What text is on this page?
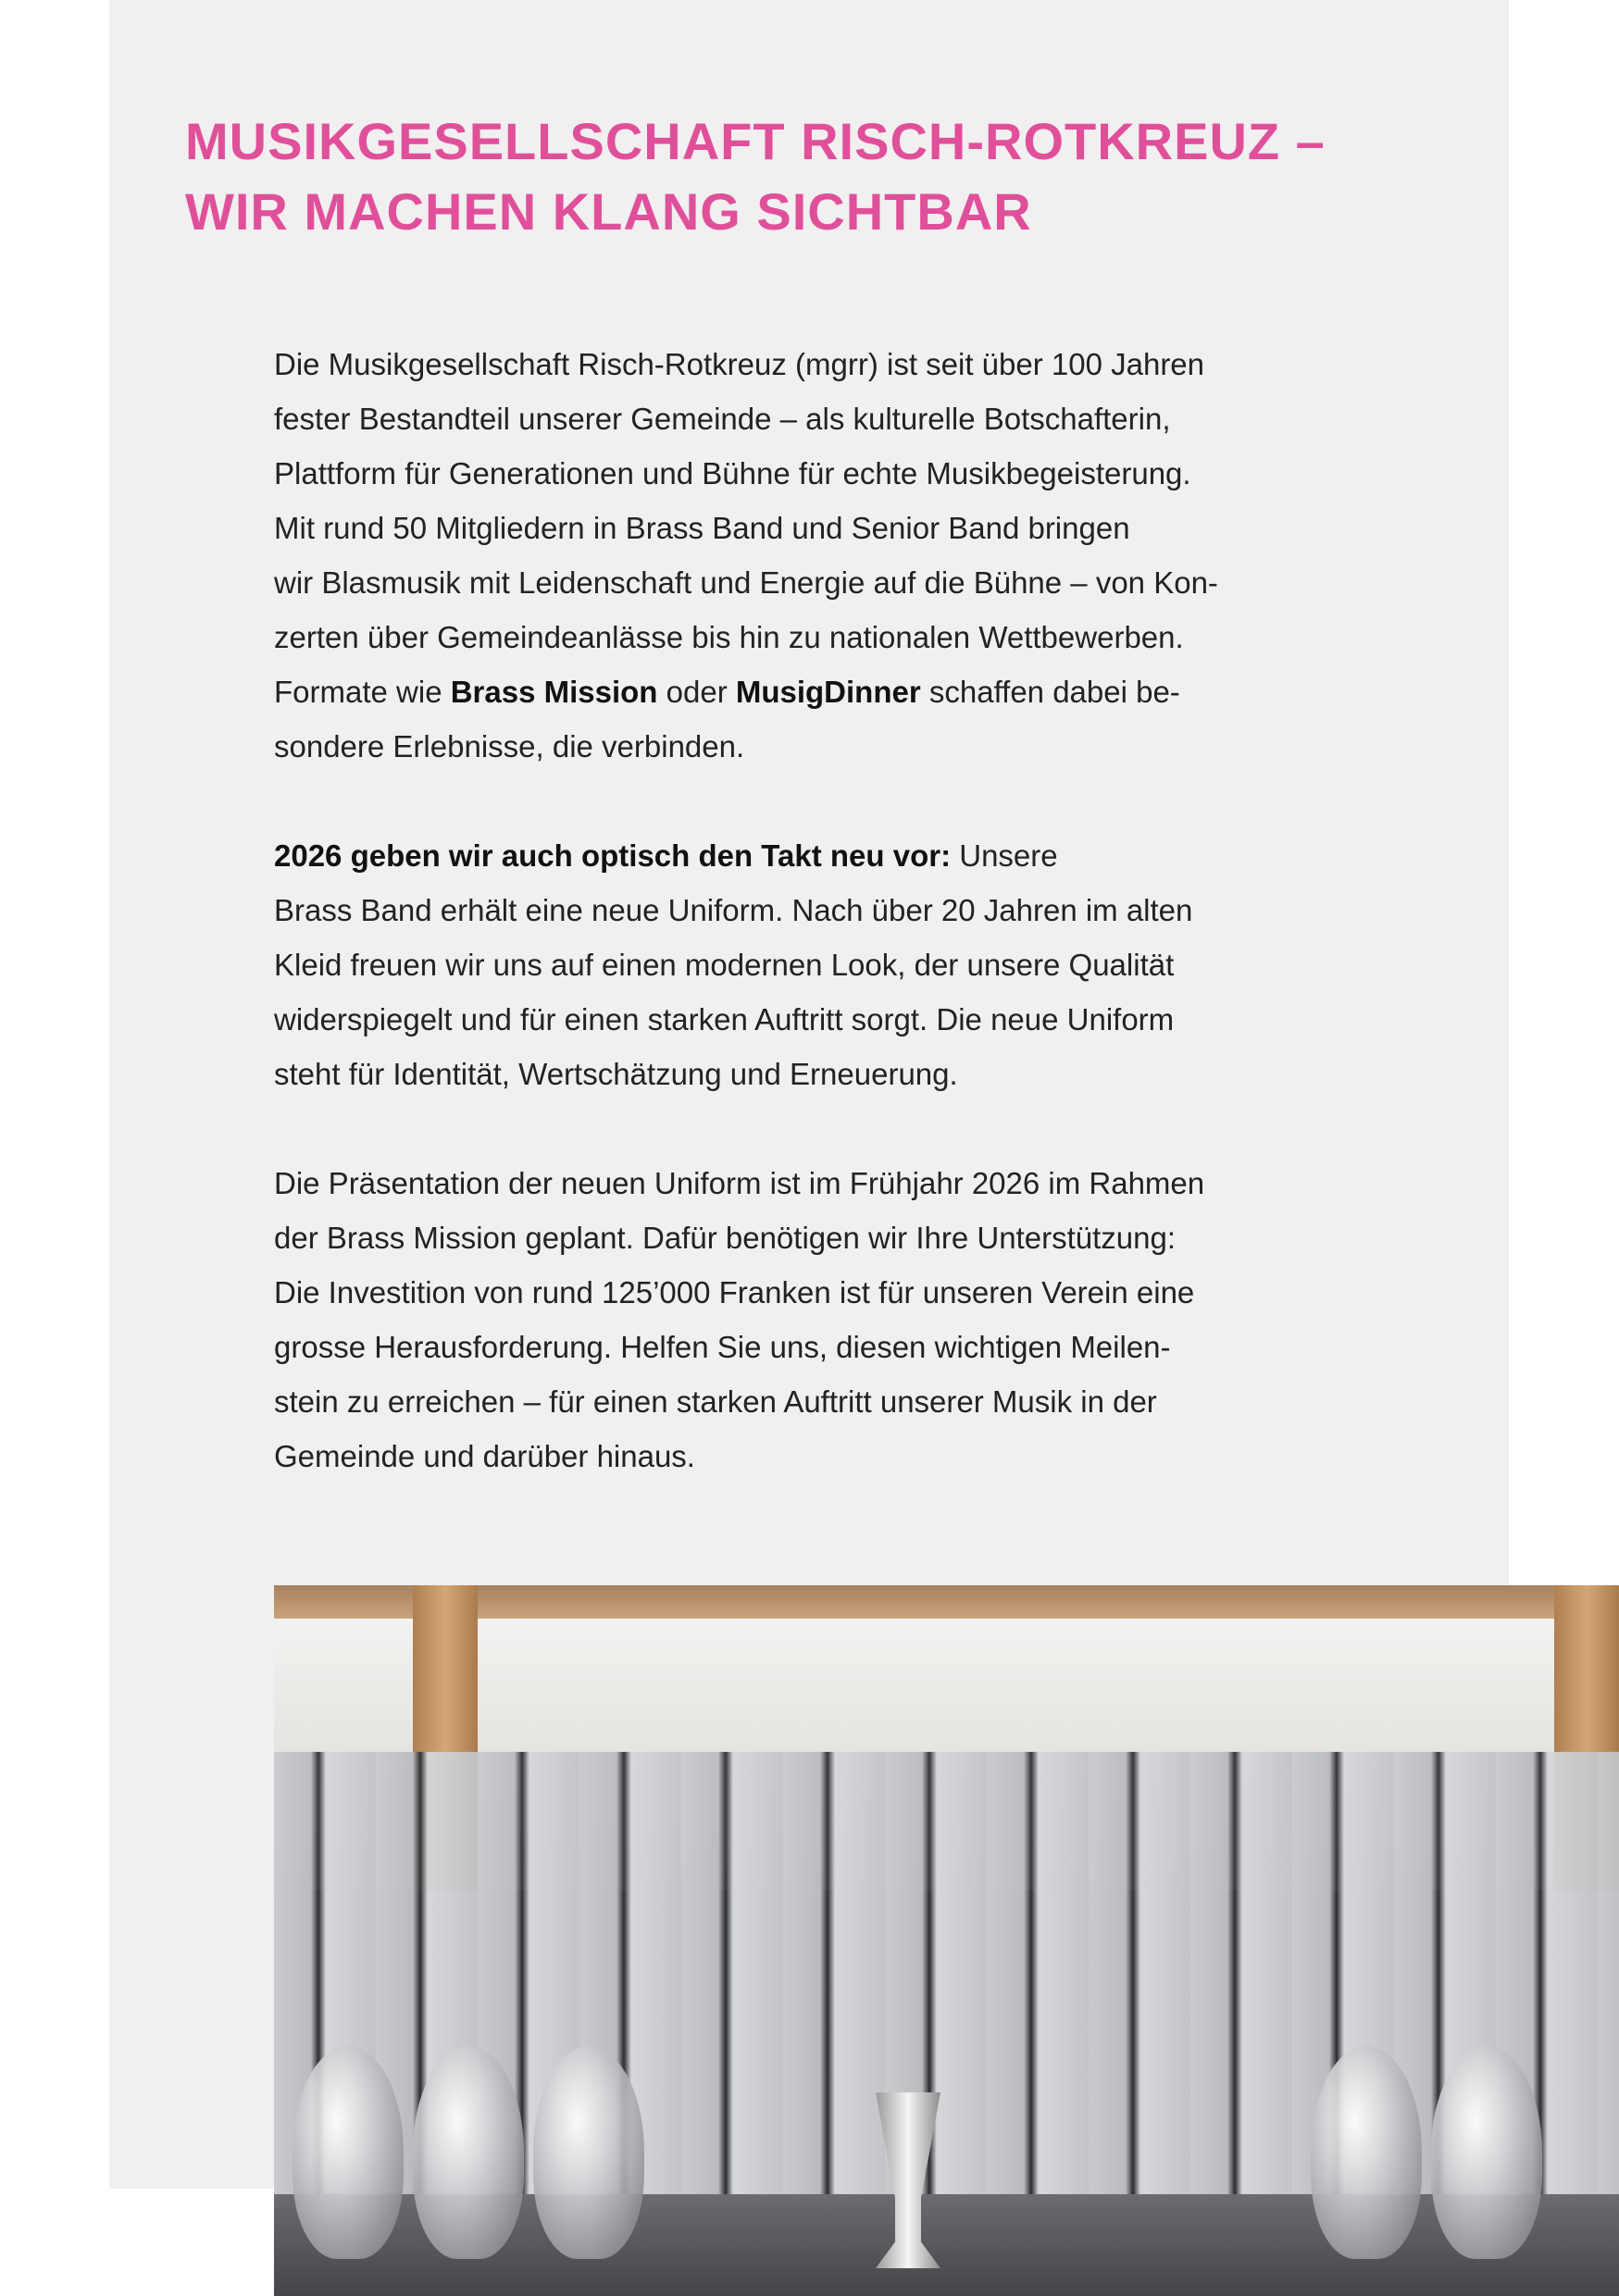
MUSIKGESELLSCHAFT RISCH-ROTKREUZ –
WIR MACHEN KLANG SICHTBAR

Die Musikgesellschaft Risch-Rotkreuz (mgrr) ist seit über 100 Jahren
fester Bestandteil unserer Gemeinde – als kulturelle Botschafterin,
Plattform für Generationen und Bühne für echte Musikbegeisterung.
Mit rund 50 Mitgliedern in Brass Band und Senior Band bringen
wir Blasmusik mit Leidenschaft und Energie auf die Bühne – von Kon-
zerten über Gemeindeanlässe bis hin zu nationalen Wettbewerben.
Formate wie Brass Mission oder MusigDinner schaffen dabei be-
sondere Erlebnisse, die verbinden.

2026 geben wir auch optisch den Takt neu vor: Unsere
Brass Band erhält eine neue Uniform. Nach über 20 Jahren im alten
Kleid freuen wir uns auf einen modernen Look, der unsere Qualität
widerspiegelt und für einen starken Auftritt sorgt. Die neue Uniform
steht für Identität, Wertschätzung und Erneuerung.

Die Präsentation der neuen Uniform ist im Frühjahr 2026 im Rahmen
der Brass Mission geplant. Dafür benötigen wir Ihre Unterstützung:
Die Investition von rund 125’000 Franken ist für unseren Verein eine
grosse Herausforderung. Helfen Sie uns, diesen wichtigen Meilen-
stein zu erreichen – für einen starken Auftritt unserer Musik in der
Gemeinde und darüber hinaus.
